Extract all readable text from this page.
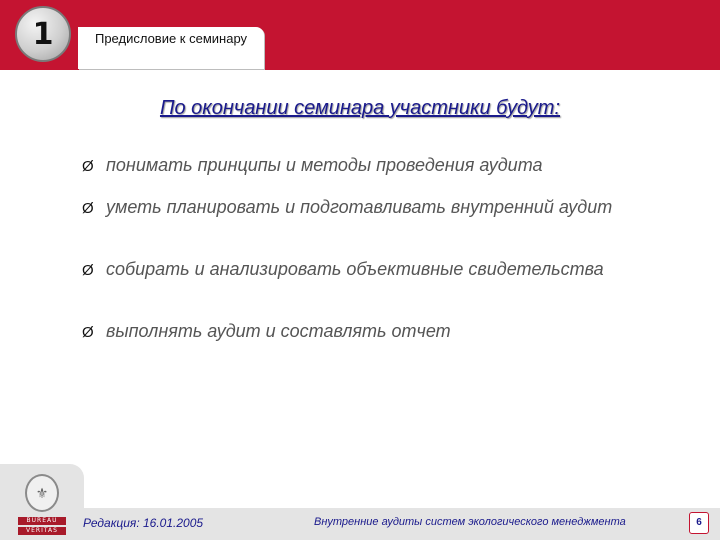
1	Предисловие к семинару
По окончании семинара участники будут:
Ø понимать принципы и методы проведения аудита
Ø уметь планировать и подготавливать внутренний аудит
Ø собирать и анализировать объективные свидетельства
Ø выполнять аудит и составлять отчет
⚜
BUREAU
VERITAS
Редакция: 16.01.2005	Внутренние аудиты систем экологического менеджмента	6
